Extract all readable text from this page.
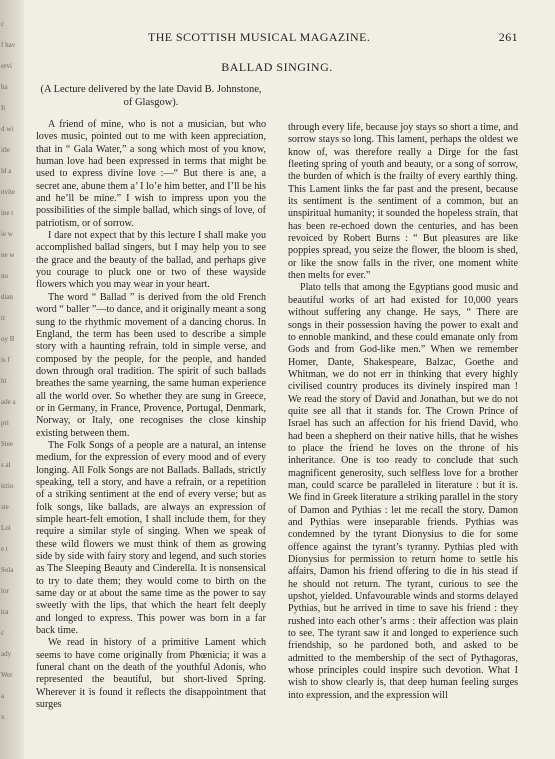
c
f hav
ervi
ha
It
d wi
itle
ld a
nvite
ine t
ie w
ne w
no
dian
tr
oy B
is f
hi
ade a
pri
Stee
s al
ictio
ste
Loi
e t
Sola
lor
tra
c
ady
Wer
a
x
THE SCOTTISH MUSICAL MAGAZINE.	261
BALLAD SINGING.

(A Lecture delivered by the late David B. Johnstone, of Glasgow).

A friend of mine, who is not a musician, but who loves music, pointed out to me with keen appreciation, that in “ Gala Water,” a song which most of you know, human love had been expressed in terms that might be used to express divine love :—“ But there is ane, a secret ane, abune them a’ I lo’e him better, and I’ll be his and he’ll be mine.” I wish to impress upon you the possibilities of the simple ballad, which sings of love, of patriotism, or of sorrow.

I dare not expect that by this lecture I shall make you accomplished ballad singers, but I may help you to see the grace and the beauty of the ballad, and perhaps give you courage to pluck one or two of these wayside flowers which you may wear in your heart.

The word “ Ballad ” is derived from the old French word “ baller ”—to dance, and it originally meant a song sung to the rhythmic movement of a dancing chorus. In England, the term has been used to describe a simple story with a haunting refrain, told in simple verse, and composed by the people, for the people, and handed down through oral tradition. The spirit of such ballads breathes the same yearning, the same human experience all the world over. So whether they are sung in Greece, or in Germany, in France, Provence, Portugal, Denmark, Norway, or Italy, one recognises the close kinship existing between them.

The Folk Songs of a people are a natural, an intense medium, for the expression of every mood and of every longing. All Folk Songs are not Ballads. Ballads, strictly speaking, tell a story, and have a refrain, or a repetition of a striking sentiment at the end of every verse; but as folk songs, like ballads, are always an expression of simple heart-felt emotion, I shall include them, for they require a similar style of singing. When we speak of these wild flowers we must think of them as growing side by side with fairy story and legend, and such stories as The Sleeping Beauty and Cinderella. It is nonsensical to try to date them; they would come to birth on the same day or at about the same time as the power to say sweetly with the lips, that which the heart felt deeply and longed to express. This power was born in a far back time.

We read in history of a primitive Lament which seems to have come originally from Phœnicia; it was a funeral chant on the death of the youthful Adonis, who represented the beautiful, but short-lived Spring. Wherever it is found it reflects the disappointment that surges

through every life, because joy stays so short a time, and sorrow stays so long. This lament, perhaps the oldest we know of, was therefore really a Dirge for the fast fleeting spring of youth and beauty, or a song of sorrow, the burden of which is the frailty of every earthly thing. This Lament links the far past and the present, because its sentiment is the sentiment of a common, but an unspiritual humanity; it sounded the hopeless strain, that has been re-echoed down the centuries, and has been revoiced by Robert Burns : “ But pleasures are like poppies spread, you seize the flower, the bloom is shed, or like the snow falls in the river, one moment white then melts for ever.”

Plato tells that among the Egyptians good music and beautiful works of art had existed for 10,000 years without suffering any change. He says, “ There are songs in their possession having the power to exalt and to ennoble mankind, and these could emanate only from Gods and from God-like men.” When we remember Homer, Dante, Shakespeare, Balzac, Goethe and Whitman, we do not err in thinking that every highly civilised country produces its divinely inspired man ! We read the story of David and Jonathan, but we do not quite see all that it stands for. The Crown Prince of Israel has such an affection for his friend David, who had been a shepherd on their native hills, that he wishes to place the friend he loves on the throne of his inheritance. One is too ready to conclude that such magnificent generosity, such selfless love for a brother man, could scarce be paralleled in literature : but it is. We find in Greek literature a striking parallel in the story of Damon and Pythias : let me recall the story. Damon and Pythias were inseparable friends. Pythias was condemned by the tyrant Dionysius to die for some offence against the tyrant’s tyranny. Pythias pled with Dionysius for permission to return home to settle his affairs, Damon his friend offering to die in his stead if he should not return. The tyrant, curious to see the upshot, yielded. Unfavourable winds and storms delayed Pythias, but he arrived in time to save his friend : they rushed into each other’s arms : their affection was plain to see. The tyrant saw it and longed to experience such friendship, so he pardoned both, and asked to be admitted to the membership of the sect of Pythagoras, whose principles could inspire such devotion. What I wish to show clearly is, that deep human feeling surges into expression, and the expression will
